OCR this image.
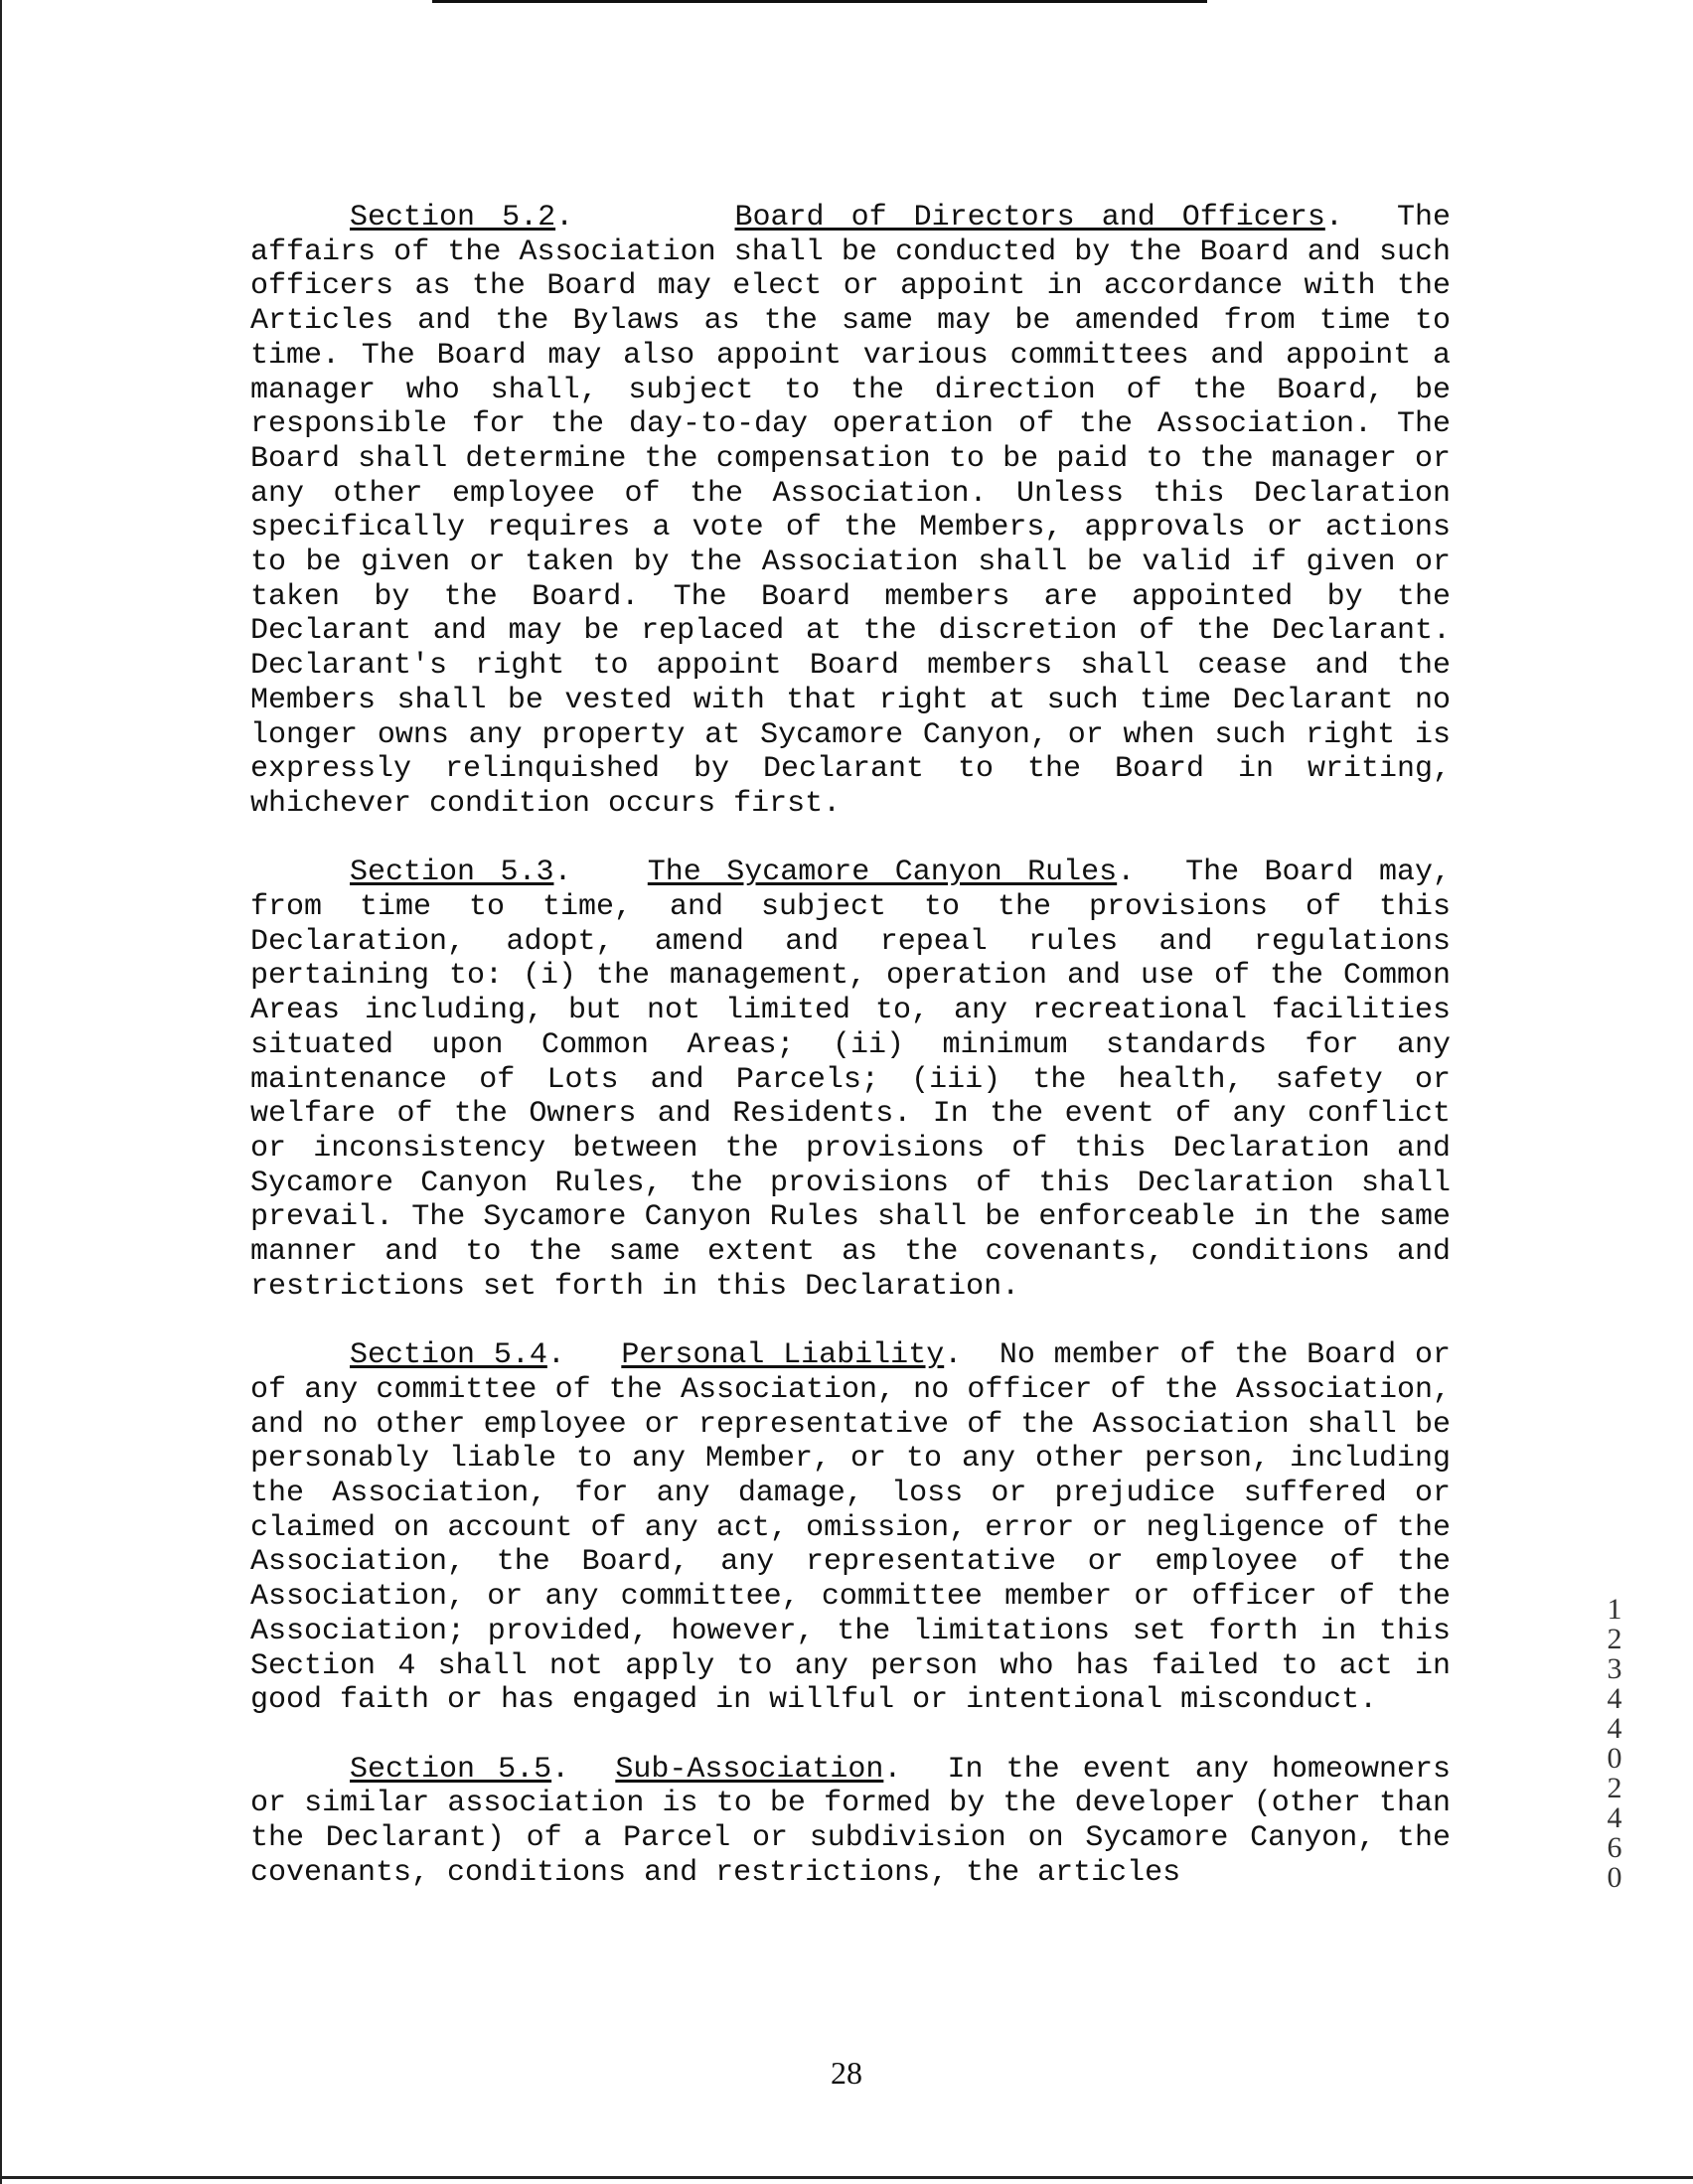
Section 5.2.      Board of Directors and Officers.  The affairs of the Association shall be conducted by the Board and such officers as the Board may elect or appoint in accordance with the Articles and the Bylaws as the same may be amended from time to time. The Board may also appoint various committees and appoint a manager who shall, subject to the direction of the Board, be responsible for the day-to-day operation of the Association. The Board shall determine the compensation to be paid to the manager or any other employee of the Association. Unless this Declaration specifically requires a vote of the Members, approvals or actions to be given or taken by the Association shall be valid if given or taken by the Board. The Board members are appointed by the Declarant and may be replaced at the discretion of the Declarant. Declarant's right to appoint Board members shall cease and the Members shall be vested with that right at such time Declarant no longer owns any property at Sycamore Canyon, or when such right is expressly relinquished by Declarant to the Board in writing, whichever condition occurs first.

Section 5.3.   The Sycamore Canyon Rules.  The Board may, from time to time, and subject to the provisions of this Declaration, adopt, amend and repeal rules and regulations pertaining to: (i) the management, operation and use of the Common Areas including, but not limited to, any recreational facilities situated upon Common Areas; (ii) minimum standards for any maintenance of Lots and Parcels; (iii) the health, safety or welfare of the Owners and Residents. In the event of any conflict or inconsistency between the provisions of this Declaration and Sycamore Canyon Rules, the provisions of this Declaration shall prevail. The Sycamore Canyon Rules shall be enforceable in the same manner and to the same extent as the covenants, conditions and restrictions set forth in this Declaration.

Section 5.4.   Personal Liability.  No member of the Board or of any committee of the Association, no officer of the Association, and no other employee or representative of the Association shall be personably liable to any Member, or to any other person, including the Association, for any damage, loss or prejudice suffered or claimed on account of any act, omission, error or negligence of the Association, the Board, any representative or employee of the Association, or any committee, committee member or officer of the Association; provided, however, the limitations set forth in this Section 4 shall not apply to any person who has failed to act in good faith or has engaged in willful or intentional misconduct.

Section 5.5.  Sub-Association.  In the event any homeowners or similar association is to be formed by the developer (other than the Declarant) of a Parcel or subdivision on Sycamore Canyon, the covenants, conditions and restrictions, the articles

1 2 3 4 4 0 2 4 6 0
28
